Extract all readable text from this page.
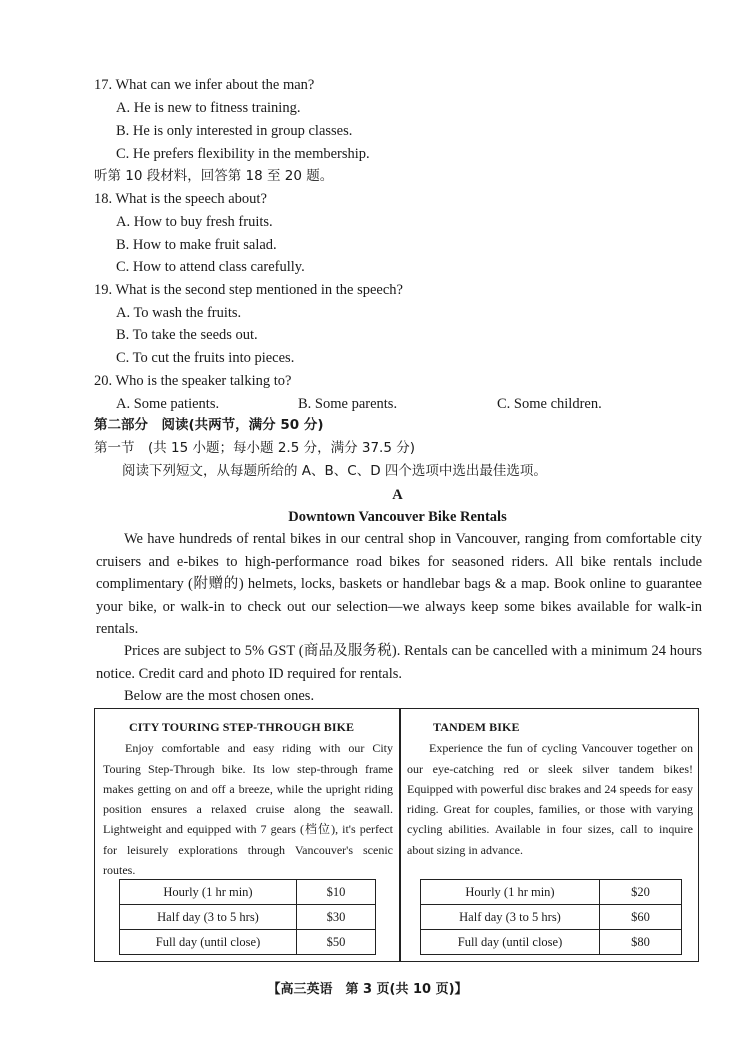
17. What can we infer about the man?
A. He is new to fitness training.
B. He is only interested in group classes.
C. He prefers flexibility in the membership.
听第 10 段材料，回答第 18 至 20 题。
18. What is the speech about?
A. How to buy fresh fruits.
B. How to make fruit salad.
C. How to attend class carefully.
19. What is the second step mentioned in the speech?
A. To wash the fruits.
B. To take the seeds out.
C. To cut the fruits into pieces.
20. Who is the speaker talking to?
A. Some patients.	B. Some parents.	C. Some children.
第二部分　阅读(共两节，满分 50 分)
第一节　(共 15 小题；每小题 2.5 分，满分 37.5 分)
阅读下列短文，从每题所给的 A、B、C、D 四个选项中选出最佳选项。
A
Downtown Vancouver Bike Rentals
We have hundreds of rental bikes in our central shop in Vancouver, ranging from comfortable city cruisers and e-bikes to high-performance road bikes for seasoned riders. All bike rentals include complimentary (附赠的) helmets, locks, baskets or handlebar bags & a map. Book online to guarantee your bike, or walk-in to check out our selection—we always keep some bikes available for walk-in rentals.
Prices are subject to 5% GST (商品及服务税). Rentals can be cancelled with a minimum 24 hours notice. Credit card and photo ID required for rentals.
Below are the most chosen ones.
CITY TOURING STEP-THROUGH BIKE
Enjoy comfortable and easy riding with our City Touring Step-Through bike. Its low step-through frame makes getting on and off a breeze, while the upright riding position ensures a relaxed cruise along the seawall. Lightweight and equipped with 7 gears (档位), it's perfect for leisurely explorations through Vancouver's scenic routes.
Hourly (1 hr min)	$10
Half day (3 to 5 hrs)	$30
Full day (until close)	$50
TANDEM BIKE
Experience the fun of cycling Vancouver together on our eye-catching red or sleek silver tandem bikes! Equipped with powerful disc brakes and 24 speeds for easy riding. Great for couples, families, or those with varying cycling abilities. Available in four sizes, call to inquire about sizing in advance.
Hourly (1 hr min)	$20
Half day (3 to 5 hrs)	$60
Full day (until close)	$80
【高三英语　第 3 页(共 10 页)】
